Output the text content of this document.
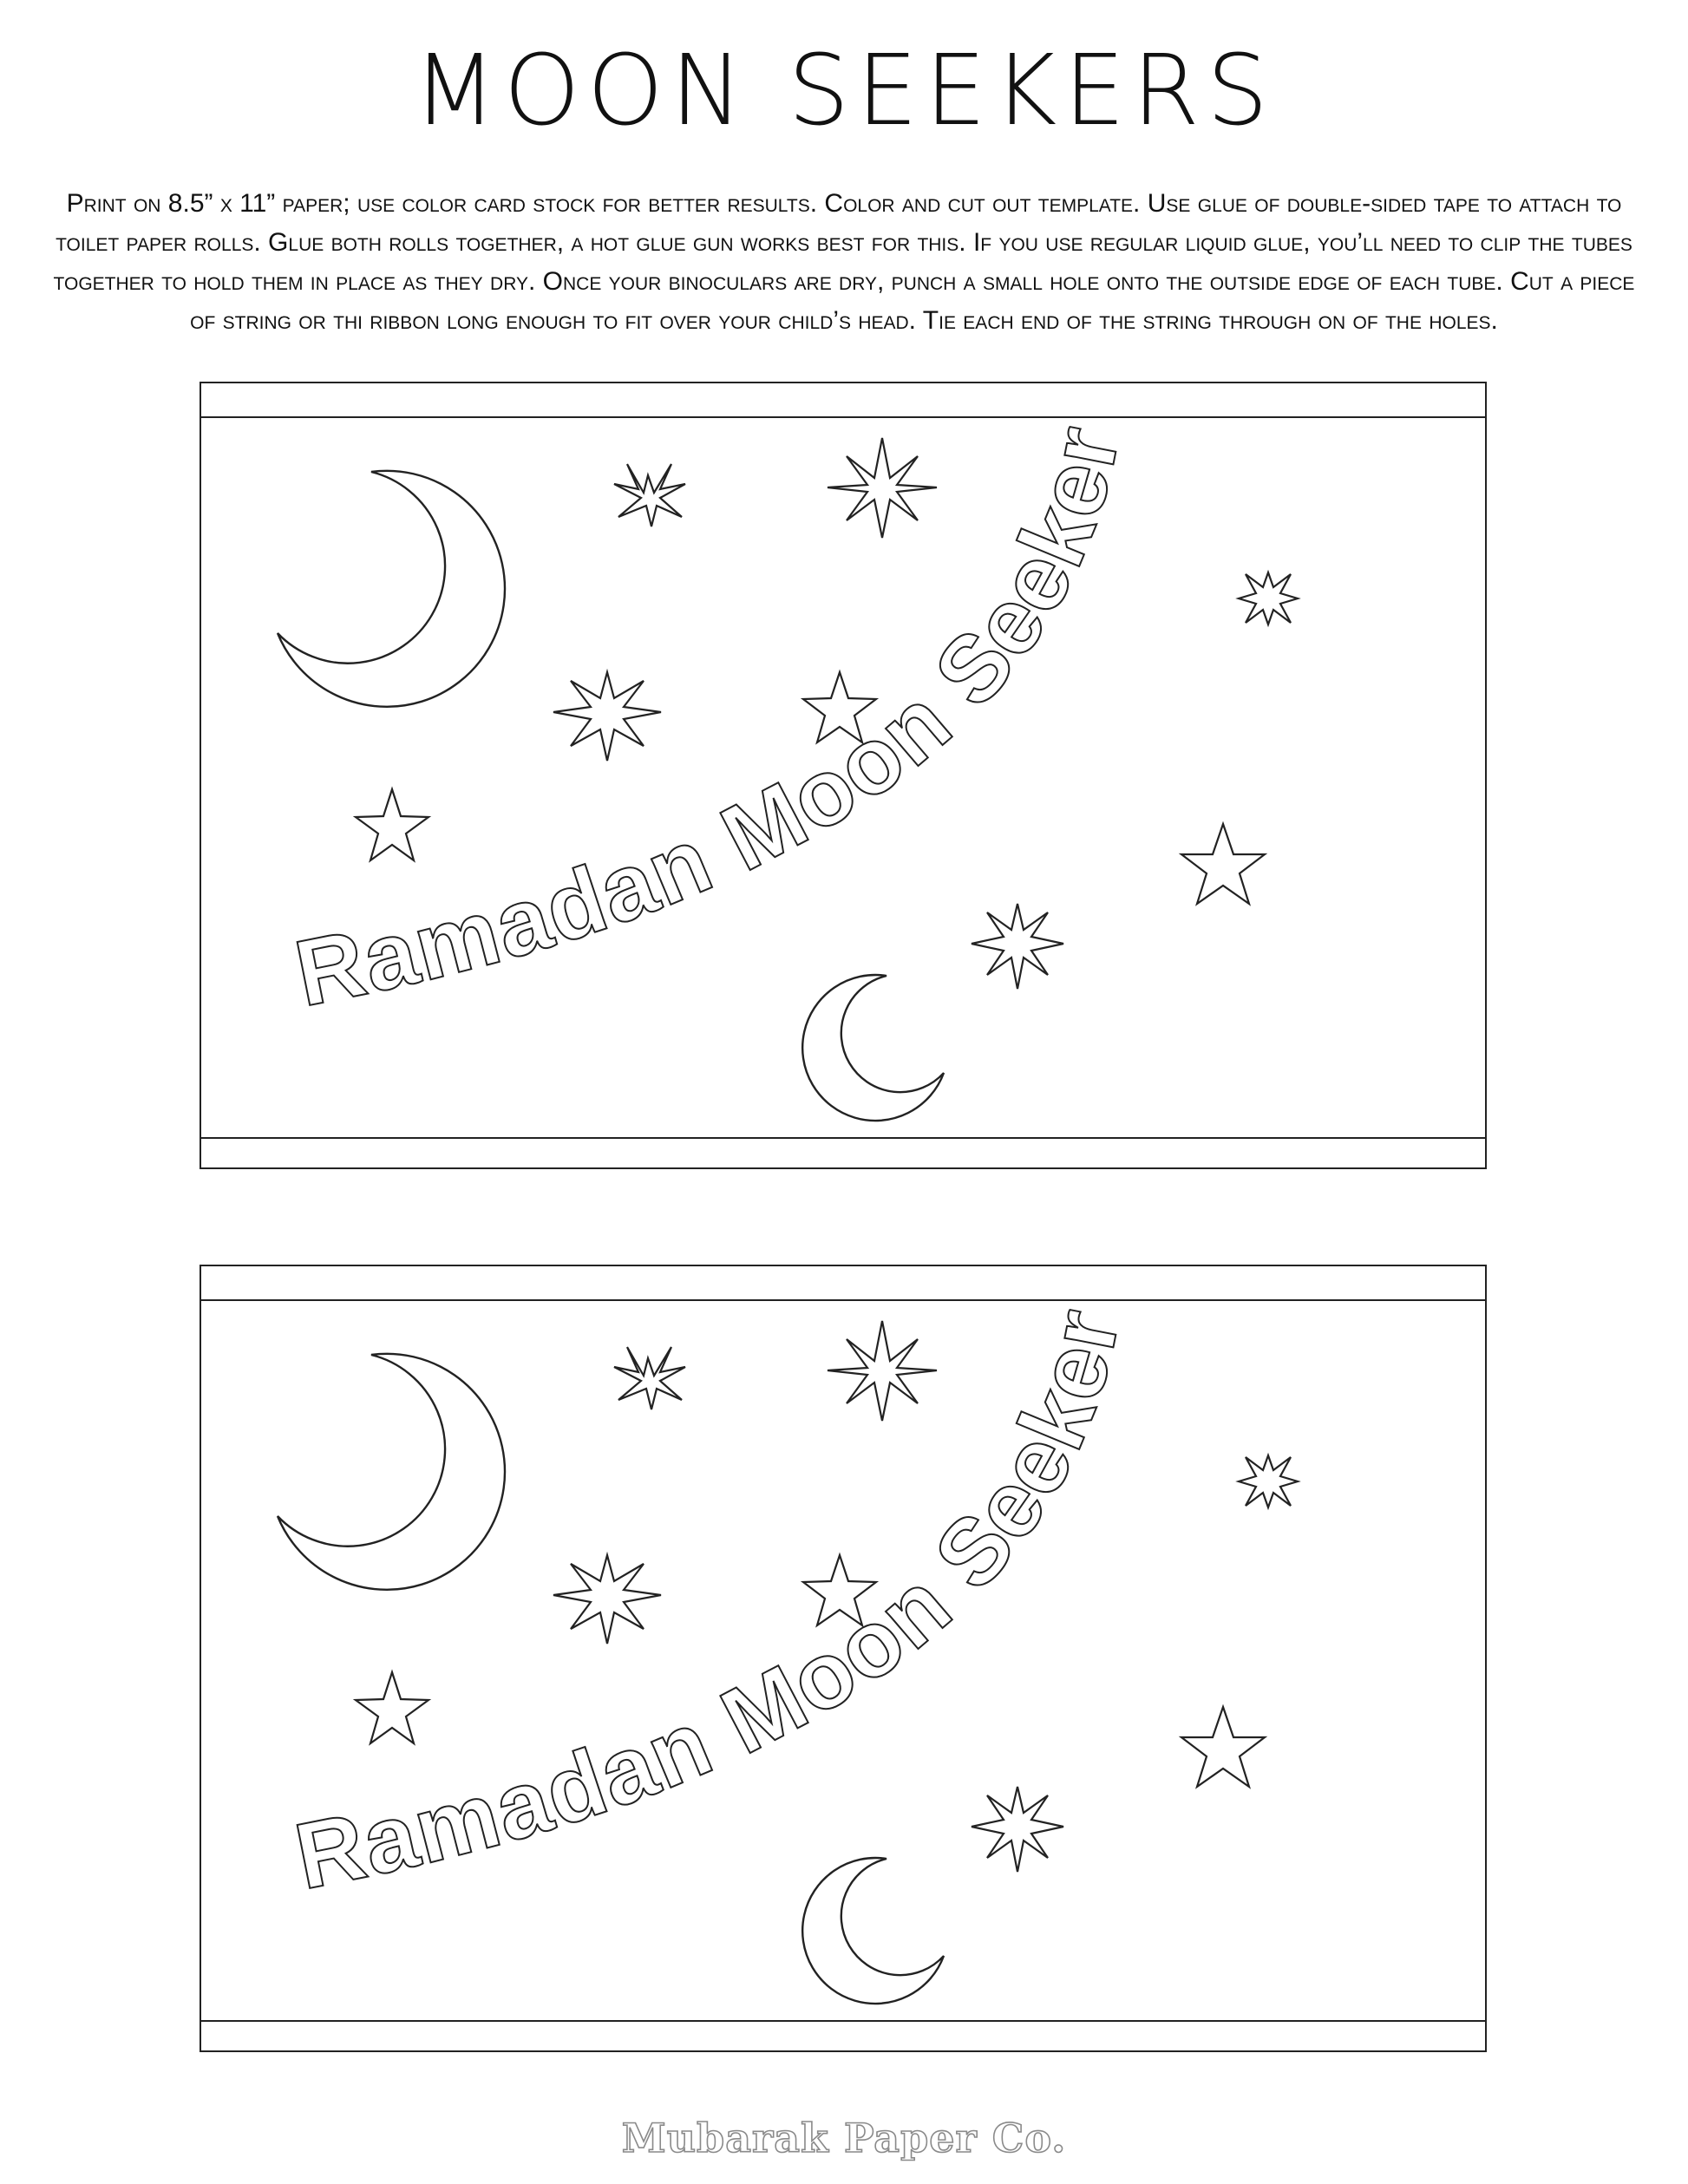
MOON SEEKERS

Print on 8.5” x 11” paper; use color card stock for better results. Color and cut out template. Use glue of double-sided tape to attach to toilet paper rolls. Glue both rolls together, a hot glue gun works best for this. If you use regular liquid glue, you’ll need to clip the tubes together to hold them in place as they dry. Once your binoculars are dry, punch a small hole onto the outside edge of each tube. Cut a piece of string or thi ribbon long enough to fit over your child’s head. Tie each end of the string through on of the holes.

Ramadan Moon Seeker
Ramadan Moon Seeker
Mubarak Paper Co.
